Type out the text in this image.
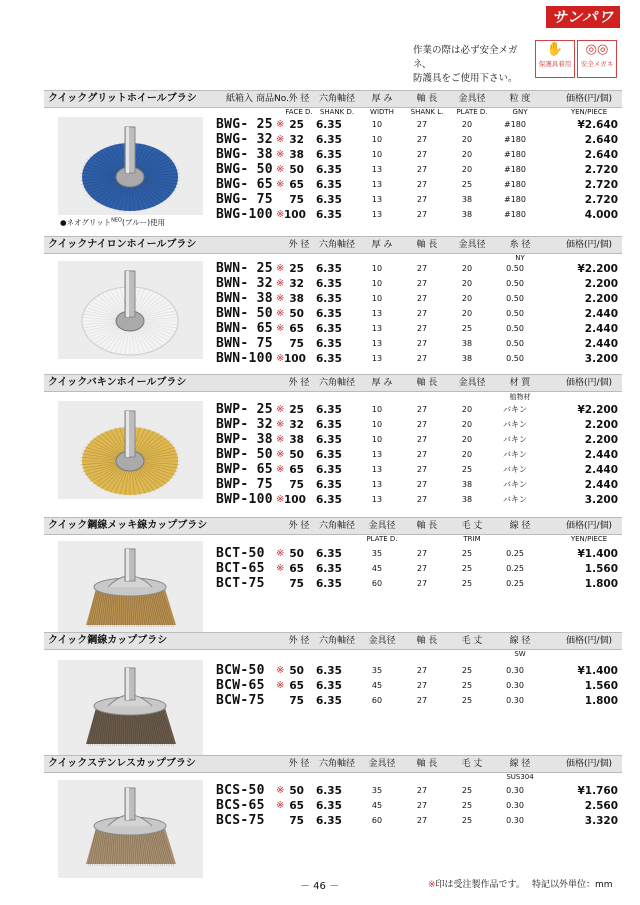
サンパワー
作業の際は必ず安全メガネ、
防護具をご使用下さい。
✋
保護具着用
◎◎
安全メガネ
クイックグリットホイールブラシ	紙箱入 商品No. 外 径	六角軸径	厚 み	軸 長	金具径	粒 度	価格(円/個)
FACE D.	SHANK D.	WIDTH	SHANK L.	PLATE D.	GNY	YEN/PIECE
●ネオグリット$^{NEO}$(ブルー)使用
BWG- 25 ※ 25 6.35	10	27	20	#180	¥2.640
BWG- 32 ※ 32 6.35	10	27	20	#180	2.640
BWG- 38 ※ 38 6.35	10	27	20	#180	2.640
BWG- 50 ※ 50 6.35	13	27	20	#180	2.720
BWG- 65 ※ 65 6.35	13	27	25	#180	2.720
BWG- 75	75 6.35	13	27	38	#180	2.720
BWG-100 ※ 100 6.35	13	27	38	#180	4.000
クイックナイロンホイールブラシ	外 径	六角軸径	厚 み	軸 長	金具径	糸 径	価格(円/個)
NY
BWN- 25 ※ 25 6.35	10	27	20	0.50	¥2.200
BWN- 32 ※ 32 6.35	10	27	20	0.50	2.200
BWN- 38 ※ 38 6.35	10	27	20	0.50	2.200
BWN- 50 ※ 50 6.35	13	27	20	0.50	2.440
BWN- 65 ※ 65 6.35	13	27	25	0.50	2.440
BWN- 75	75 6.35	13	27	38	0.50	2.440
BWN-100 ※ 100 6.35	13	27	38	0.50	3.200
クイックバキンホイールブラシ	外 径	六角軸径	厚 み	軸 長	金具径	材 質	価格(円/個)
植物材
BWP- 25 ※ 25 6.35	10	27	20	バキン	¥2.200
BWP- 32 ※ 32 6.35	10	27	20	バキン	2.200
BWP- 38 ※ 38 6.35	10	27	20	バキン	2.200
BWP- 50 ※ 50 6.35	13	27	20	バキン	2.440
BWP- 65 ※ 65 6.35	13	27	25	バキン	2.440
BWP- 75	75 6.35	13	27	38	バキン	2.440
BWP-100 ※ 100 6.35	13	27	38	バキン	3.200
クイック鋼線メッキ線カップブラシ	外 径	六角軸径	金具径	軸 長	毛 丈	線 径	価格(円/個)
PLATE D.	TRIM	YEN/PIECE
BCT-50 ※ 50 6.35	35	27	25	0.25	¥1.400
BCT-65 ※ 65 6.35	45	27	25	0.25	1.560
BCT-75	75 6.35	60	27	25	0.25	1.800
クイック鋼線カップブラシ	外 径	六角軸径	金具径	軸 長	毛 丈	線 径	価格(円/個)
SW
BCW-50 ※ 50 6.35	35	27	25	0.30	¥1.400
BCW-65 ※ 65 6.35	45	27	25	0.30	1.560
BCW-75	75 6.35	60	27	25	0.30	1.800
クイックステンレスカップブラシ	外 径	六角軸径	金具径	軸 長	毛 丈	線 径	価格(円/個)
SUS304
BCS-50 ※ 50 6.35	35	27	25	0.30	¥1.760
BCS-65 ※ 65 6.35	45	27	25	0.30	2.560
BCS-75	75 6.35	60	27	25	0.30	3.320
－ 46 －	※印は受注製作品です。 特記以外単位：mm
